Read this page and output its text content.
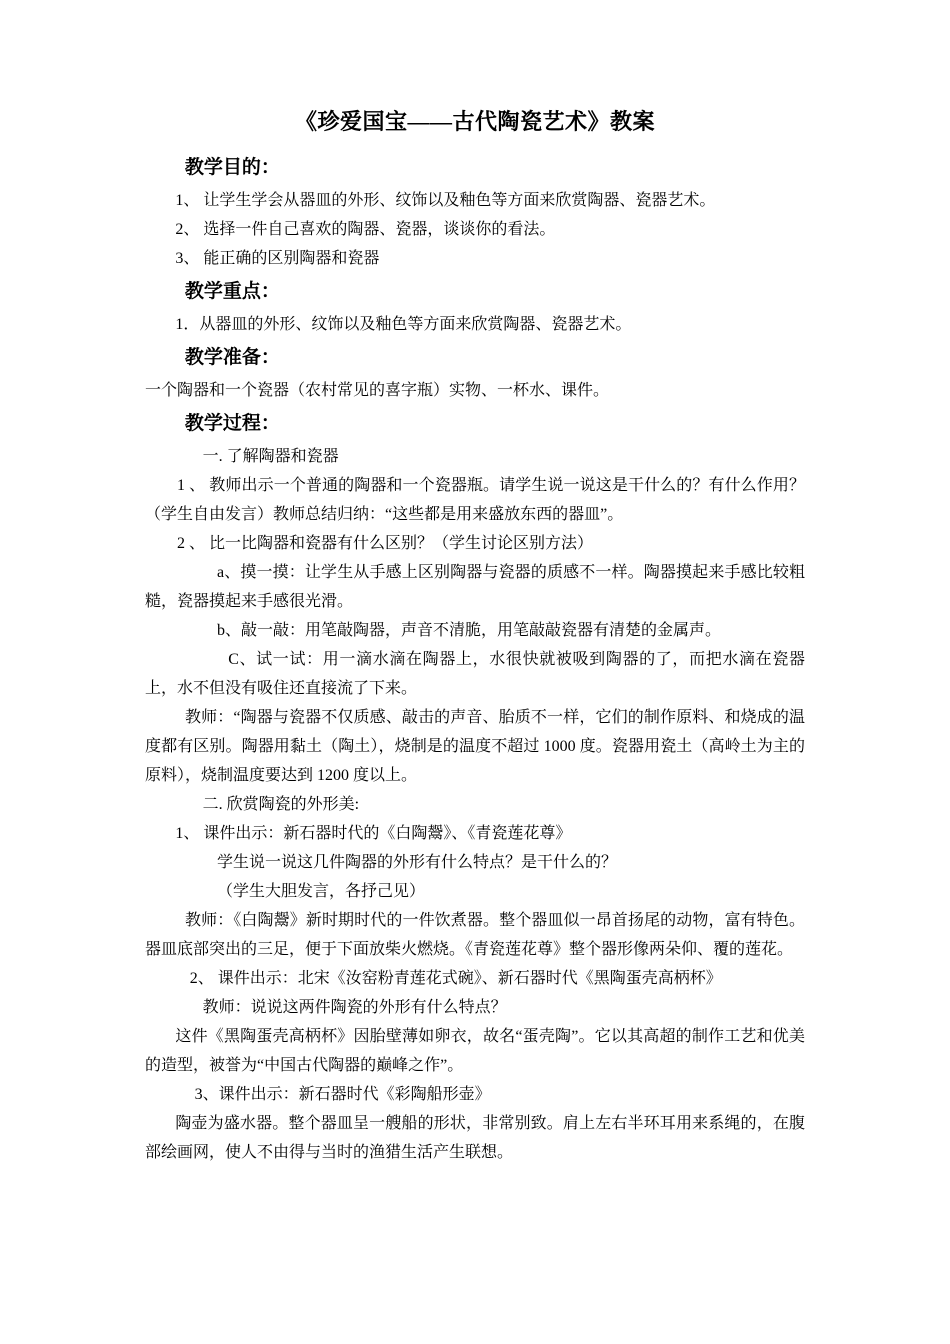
《珍爱国宝——古代陶瓷艺术》教案
教学目的：

1、 让学生学会从器皿的外形、纹饰以及釉色等方面来欣赏陶器、瓷器艺术。

2、 选择一件自己喜欢的陶器、瓷器，谈谈你的看法。

3、 能正确的区别陶器和瓷器

教学重点：

1．从器皿的外形、纹饰以及釉色等方面来欣赏陶器、瓷器艺术。

教学准备：

一个陶器和一个瓷器（农村常见的喜字瓶）实物、一杯水、课件。

教学过程：

一. 了解陶器和瓷器

1 、 教师出示一个普通的陶器和一个瓷器瓶。请学生说一说这是干什么的？有什么作用？（学生自由发言）教师总结归纳：“这些都是用来盛放东西的器皿”。

2 、 比一比陶器和瓷器有什么区别？（学生讨论区别方法）

a、摸一摸：让学生从手感上区别陶器与瓷器的质感不一样。陶器摸起来手感比较粗糙，瓷器摸起来手感很光滑。

b、敲一敲：用笔敲陶器，声音不清脆，用笔敲敲瓷器有清楚的金属声。

C、试一试：用一滴水滴在陶器上，水很快就被吸到陶器的了，而把水滴在瓷器上，水不但没有吸住还直接流了下来。

教师：“陶器与瓷器不仅质感、敲击的声音、胎质不一样，它们的制作原料、和烧成的温度都有区别。陶器用黏土（陶土），烧制是的温度不超过 1000 度。瓷器用瓷土（高岭土为主的原料），烧制温度要达到 1200 度以上。

二. 欣赏陶瓷的外形美:

1、 课件出示：新石器时代的《白陶鬶》、《青瓷莲花尊》

学生说一说这几件陶器的外形有什么特点？是干什么的？

（学生大胆发言，各抒己见）

教师：《白陶鬶》新时期时代的一件饮煮器。整个器皿似一昂首扬尾的动物，富有特色。器皿底部突出的三足，便于下面放柴火燃烧。《青瓷莲花尊》整个器形像两朵仰、覆的莲花。

2、 课件出示：北宋《汝窑粉青莲花式碗》、新石器时代《黑陶蛋壳高柄杯》

教师：说说这两件陶瓷的外形有什么特点？

这件《黑陶蛋壳高柄杯》因胎壁薄如卵衣，故名“蛋壳陶”。它以其高超的制作工艺和优美的造型，被誉为“中国古代陶器的巅峰之作”。

3、课件出示：新石器时代《彩陶船形壶》

陶壶为盛水器。整个器皿呈一艘船的形状，非常别致。肩上左右半环耳用来系绳的，在腹部绘画网，使人不由得与当时的渔猎生活产生联想。
